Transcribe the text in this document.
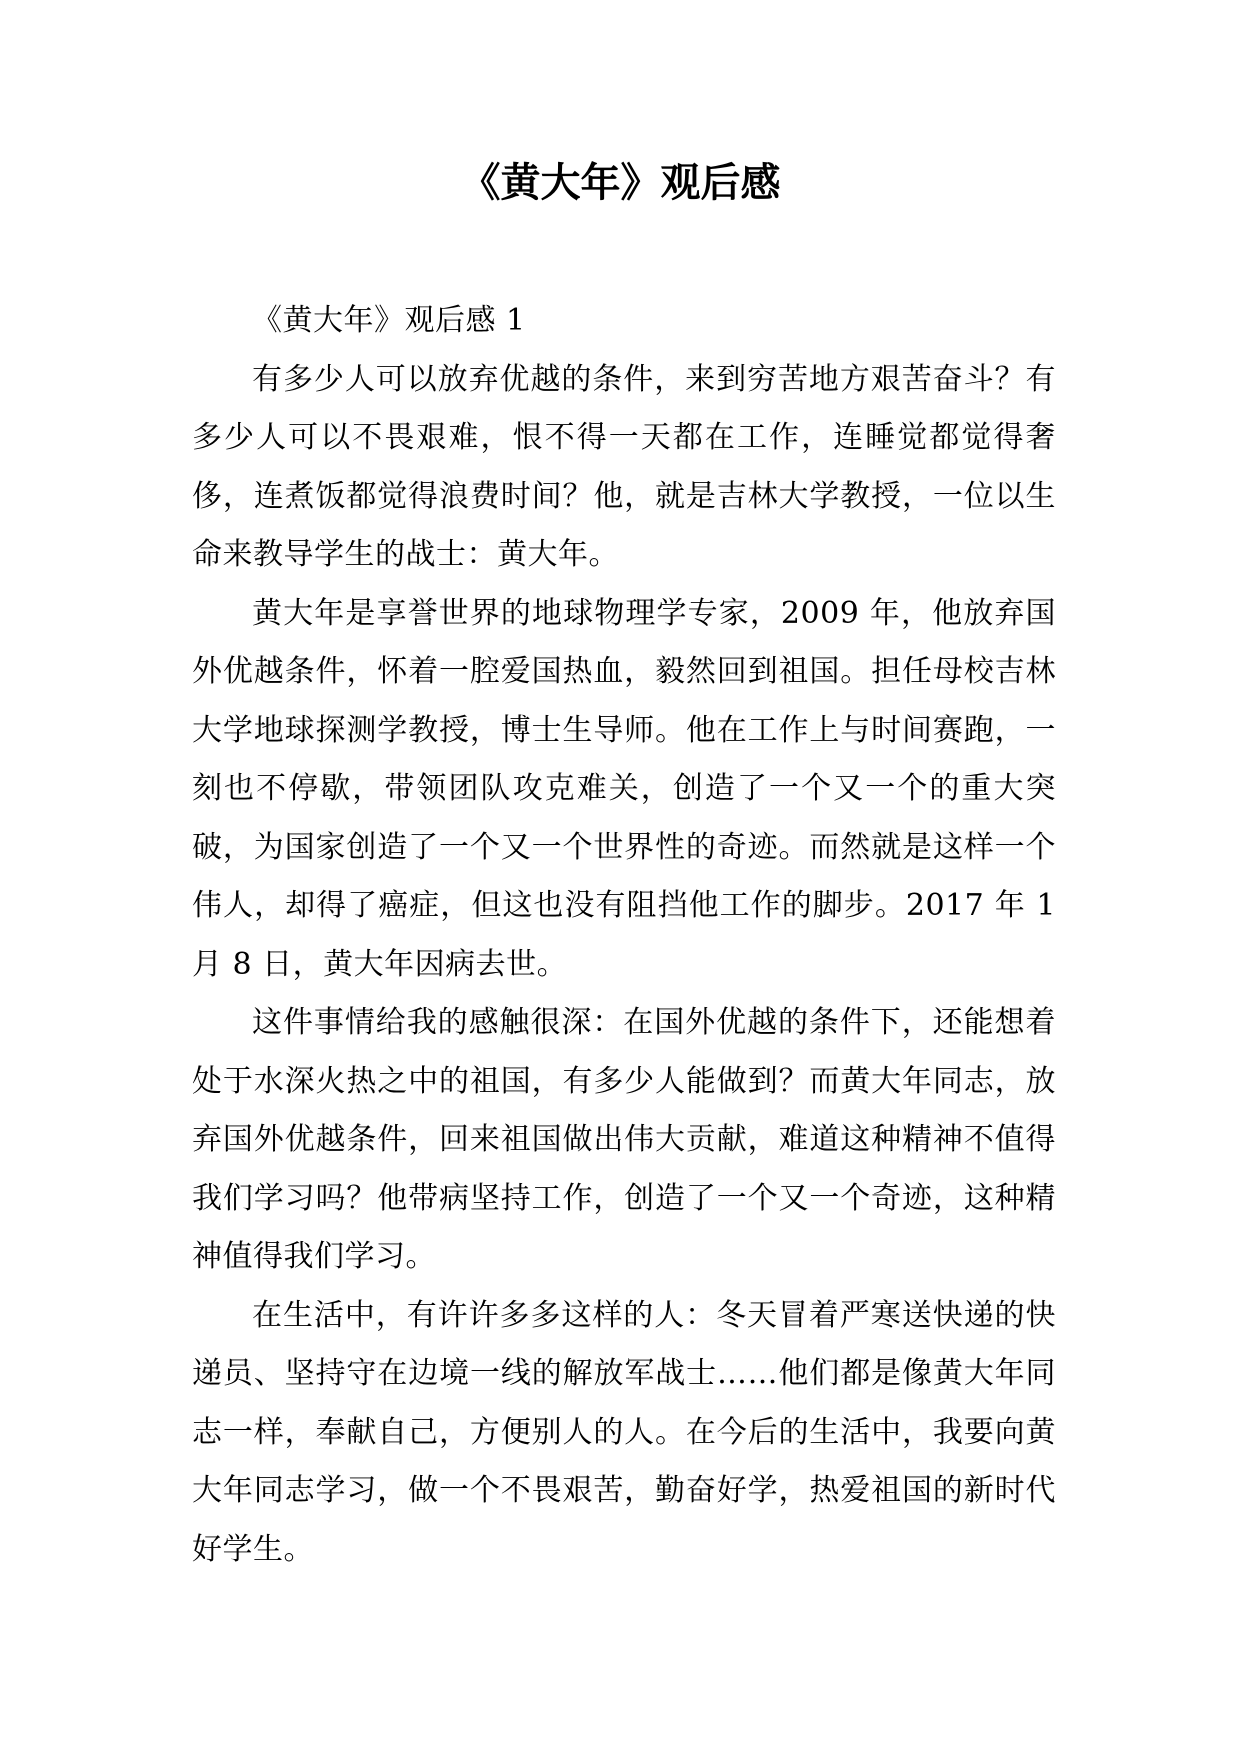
《黄大年》观后感

《黄大年》观后感 1

有多少人可以放弃优越的条件，来到穷苦地方艰苦奋斗？有多少人可以不畏艰难，恨不得一天都在工作，连睡觉都觉得奢侈，连煮饭都觉得浪费时间？他，就是吉林大学教授，一位以生命来教导学生的战士：黄大年。

黄大年是享誉世界的地球物理学专家，2009 年，他放弃国外优越条件，怀着一腔爱国热血，毅然回到祖国。担任母校吉林大学地球探测学教授，博士生导师。他在工作上与时间赛跑，一刻也不停歇，带领团队攻克难关，创造了一个又一个的重大突破，为国家创造了一个又一个世界性的奇迹。而然就是这样一个伟人，却得了癌症，但这也没有阻挡他工作的脚步。2017 年 1 月 8 日，黄大年因病去世。

这件事情给我的感触很深：在国外优越的条件下，还能想着处于水深火热之中的祖国，有多少人能做到？而黄大年同志，放弃国外优越条件，回来祖国做出伟大贡献，难道这种精神不值得我们学习吗？他带病坚持工作，创造了一个又一个奇迹，这种精神值得我们学习。

在生活中，有许许多多这样的人：冬天冒着严寒送快递的快递员、坚持守在边境一线的解放军战士……他们都是像黄大年同志一样，奉献自己，方便别人的人。在今后的生活中，我要向黄大年同志学习，做一个不畏艰苦，勤奋好学，热爱祖国的新时代好学生。
